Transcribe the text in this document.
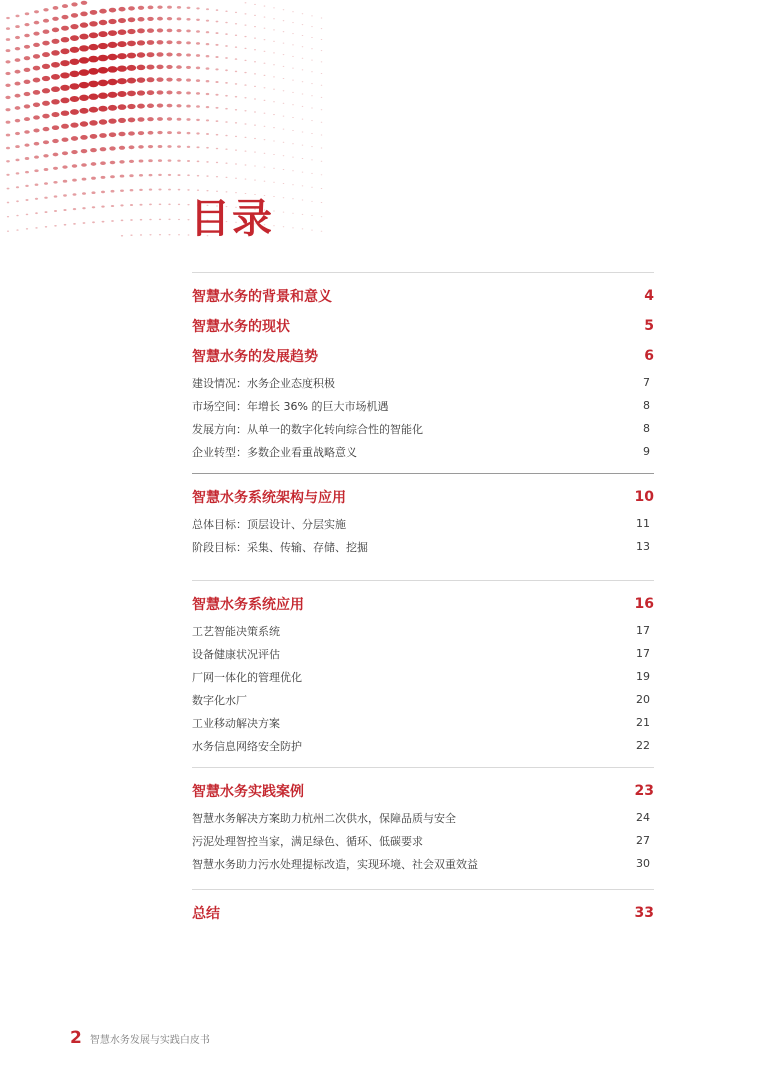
目录
智慧水务的背景和意义	4
智慧水务的现状	5
智慧水务的发展趋势	6
建设情况：水务企业态度积极	7
市场空间：年增长 36% 的巨大市场机遇	8
发展方向：从单一的数字化转向综合性的智能化	8
企业转型：多数企业看重战略意义	9
智慧水务系统架构与应用	10
总体目标：顶层设计、分层实施	11
阶段目标：采集、传输、存储、挖掘	13
智慧水务系统应用	16
工艺智能决策系统	17
设备健康状况评估	17
厂网一体化的管理优化	19
数字化水厂	20
工业移动解决方案	21
水务信息网络安全防护	22
智慧水务实践案例	23
智慧水务解决方案助力杭州二次供水，保障品质与安全	24
污泥处理智控当家，满足绿色、循环、低碳要求	27
智慧水务助力污水处理提标改造，实现环境、社会双重效益	30
总结	33
2 智慧水务发展与实践白皮书
